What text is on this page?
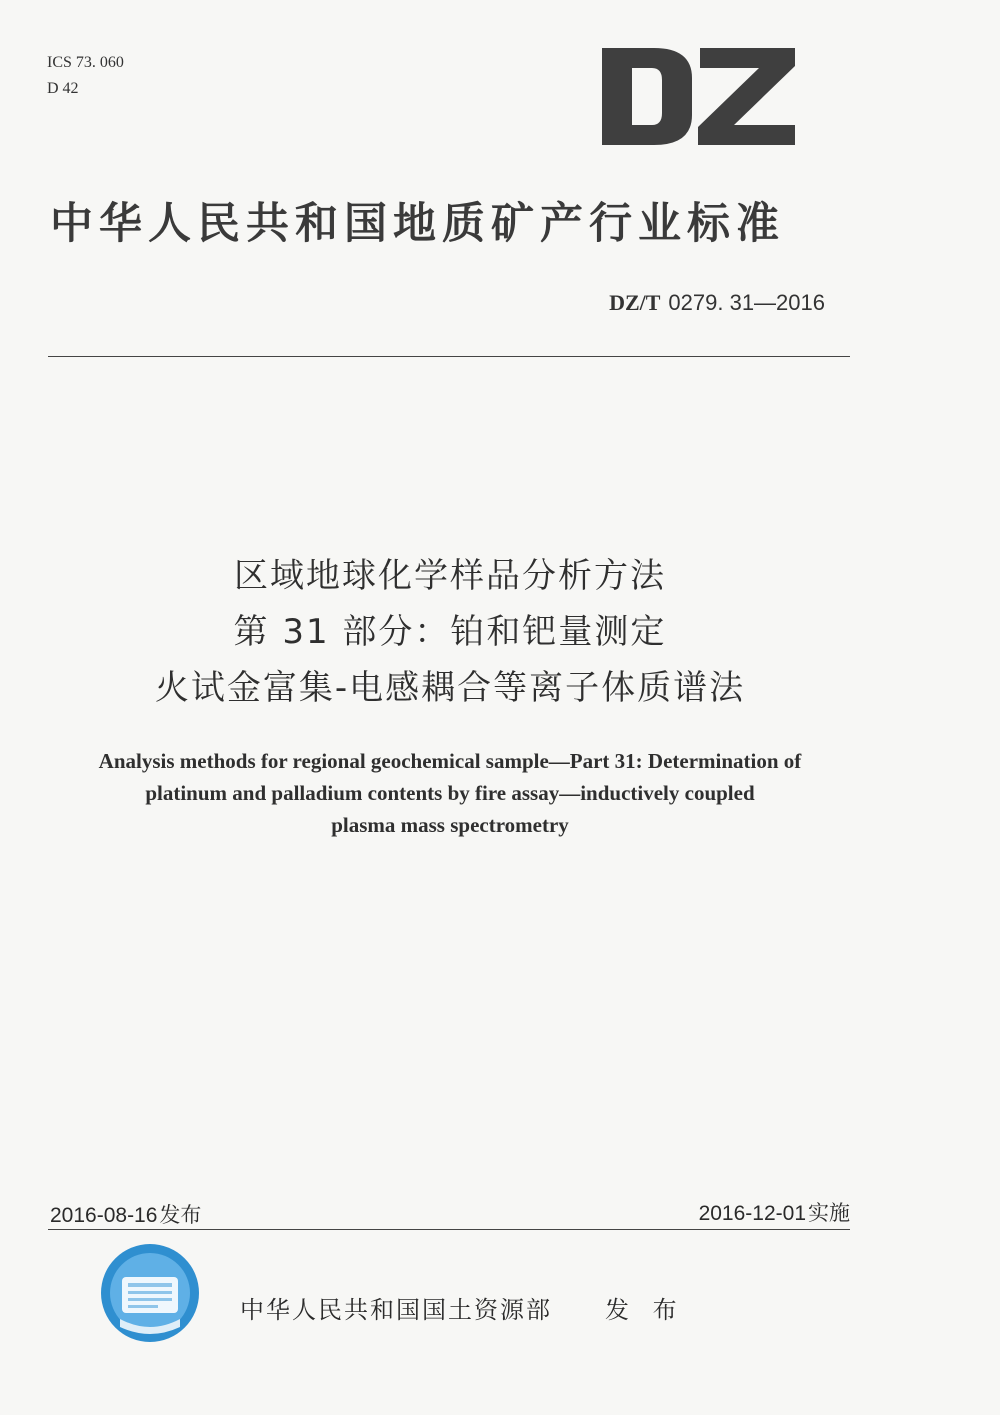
ICS 73. 060
D 42
中华人民共和国地质矿产行业标准
DZ/T 0279. 31—2016
区域地球化学样品分析方法
第 31 部分：铂和钯量测定
火试金富集-电感耦合等离子体质谱法
Analysis methods for regional geochemical sample—Part 31: Determination of
platinum and palladium contents by fire assay—inductively coupled
plasma mass spectrometry
2016-08-16发布	2016-12-01实施
中华人民共和国国土资源部 发 布
